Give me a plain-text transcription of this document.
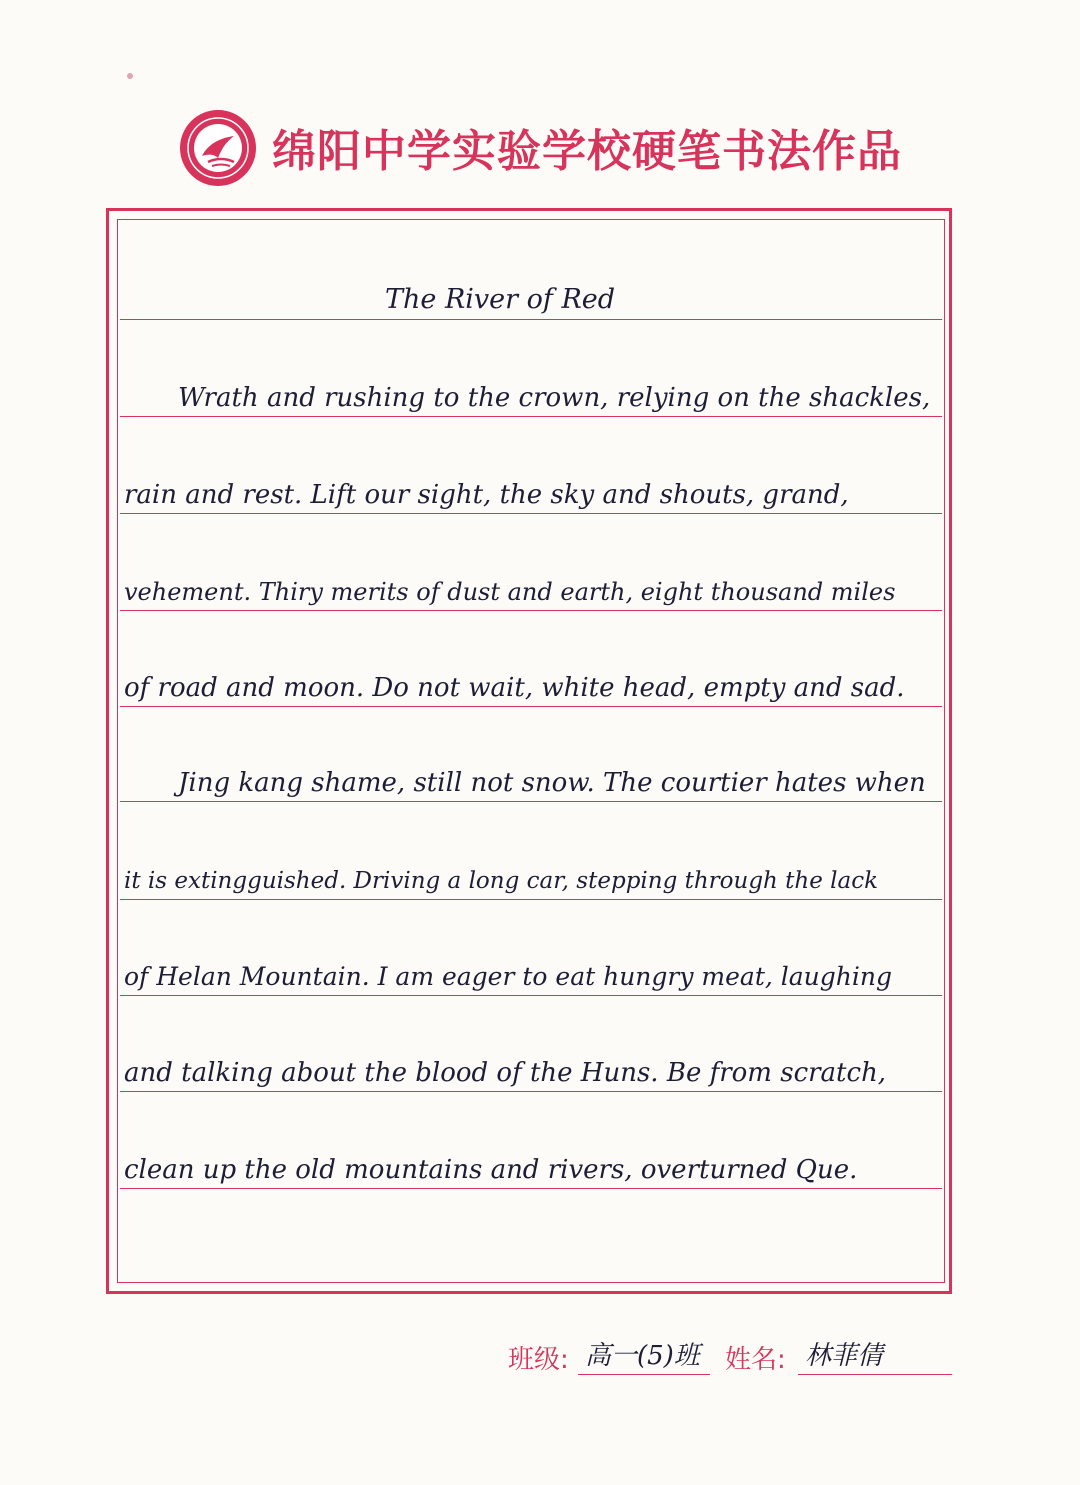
绵阳中学实验学校硬笔书法作品
The River of Red
Wrath and rushing to the crown, relying on the shackles,
rain and rest. Lift our sight, the sky and shouts, grand,
vehement. Thiry merits of dust and earth, eight thousand miles
of road and moon. Do not wait, white head, empty and sad.
Jing kang shame, still not snow. The courtier hates when
it is extingguished. Driving a long car, stepping through the lack
of Helan Mountain. I am eager to eat hungry meat, laughing
and talking about the blood of the Huns. Be from scratch,
clean up the old mountains and rivers, overturned Que.
班级: 高一(5)班 姓名: 林菲倩
